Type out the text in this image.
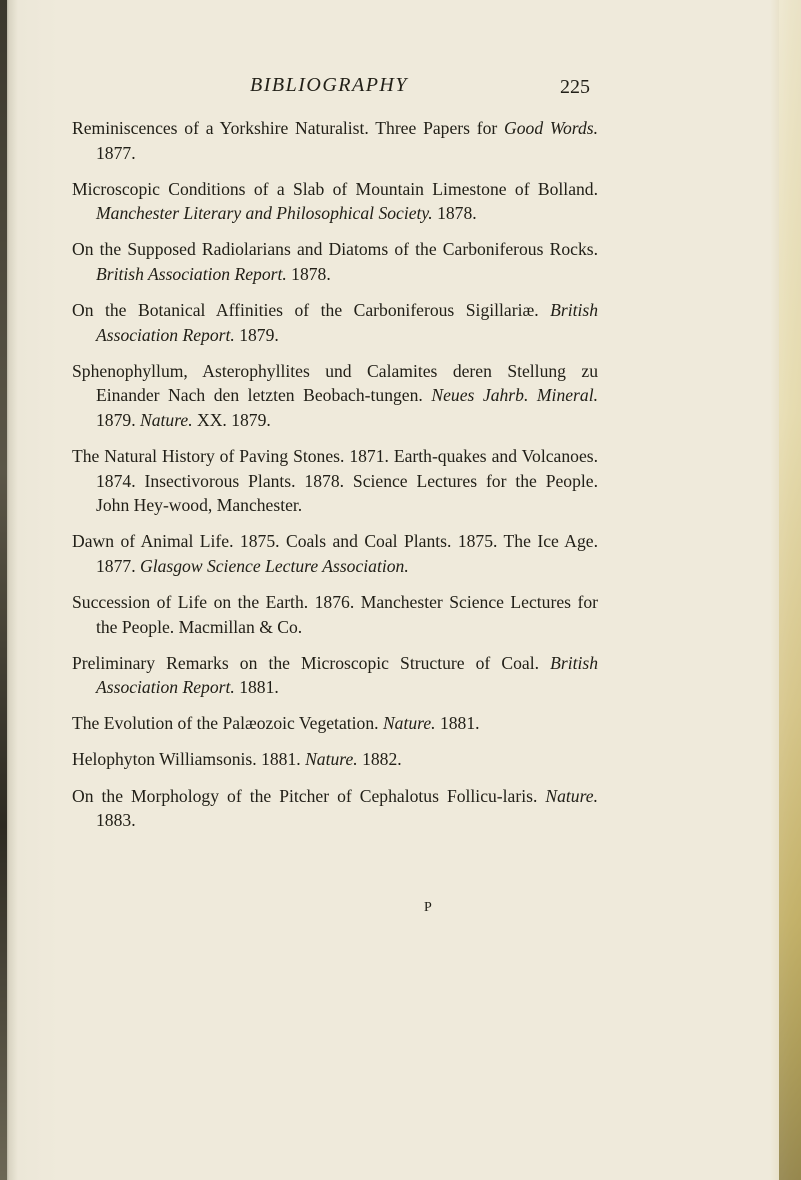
BIBLIOGRAPHY	225

Reminiscences of a Yorkshire Naturalist. Three Papers for Good Words. 1877.

Microscopic Conditions of a Slab of Mountain Limestone of Bolland. Manchester Literary and Philosophical Society. 1878.

On the Supposed Radiolarians and Diatoms of the Carboniferous Rocks. British Association Report. 1878.

On the Botanical Affinities of the Carboniferous Sigillariæ. British Association Report. 1879.

Sphenophyllum, Asterophyllites und Calamites deren Stellung zu Einander Nach den letzten Beobach-tungen. Neues Jahrb. Mineral. 1879. Nature. XX. 1879.

The Natural History of Paving Stones. 1871. Earth-quakes and Volcanoes. 1874. Insectivorous Plants. 1878. Science Lectures for the People. John Hey-wood, Manchester.

Dawn of Animal Life. 1875. Coals and Coal Plants. 1875. The Ice Age. 1877. Glasgow Science Lecture Association.

Succession of Life on the Earth. 1876. Manchester Science Lectures for the People. Macmillan & Co.

Preliminary Remarks on the Microscopic Structure of Coal. British Association Report. 1881.

The Evolution of the Palæozoic Vegetation. Nature. 1881.

Helophyton Williamsonis. 1881. Nature. 1882.

On the Morphology of the Pitcher of Cephalotus Follicu-laris. Nature. 1883.

P
